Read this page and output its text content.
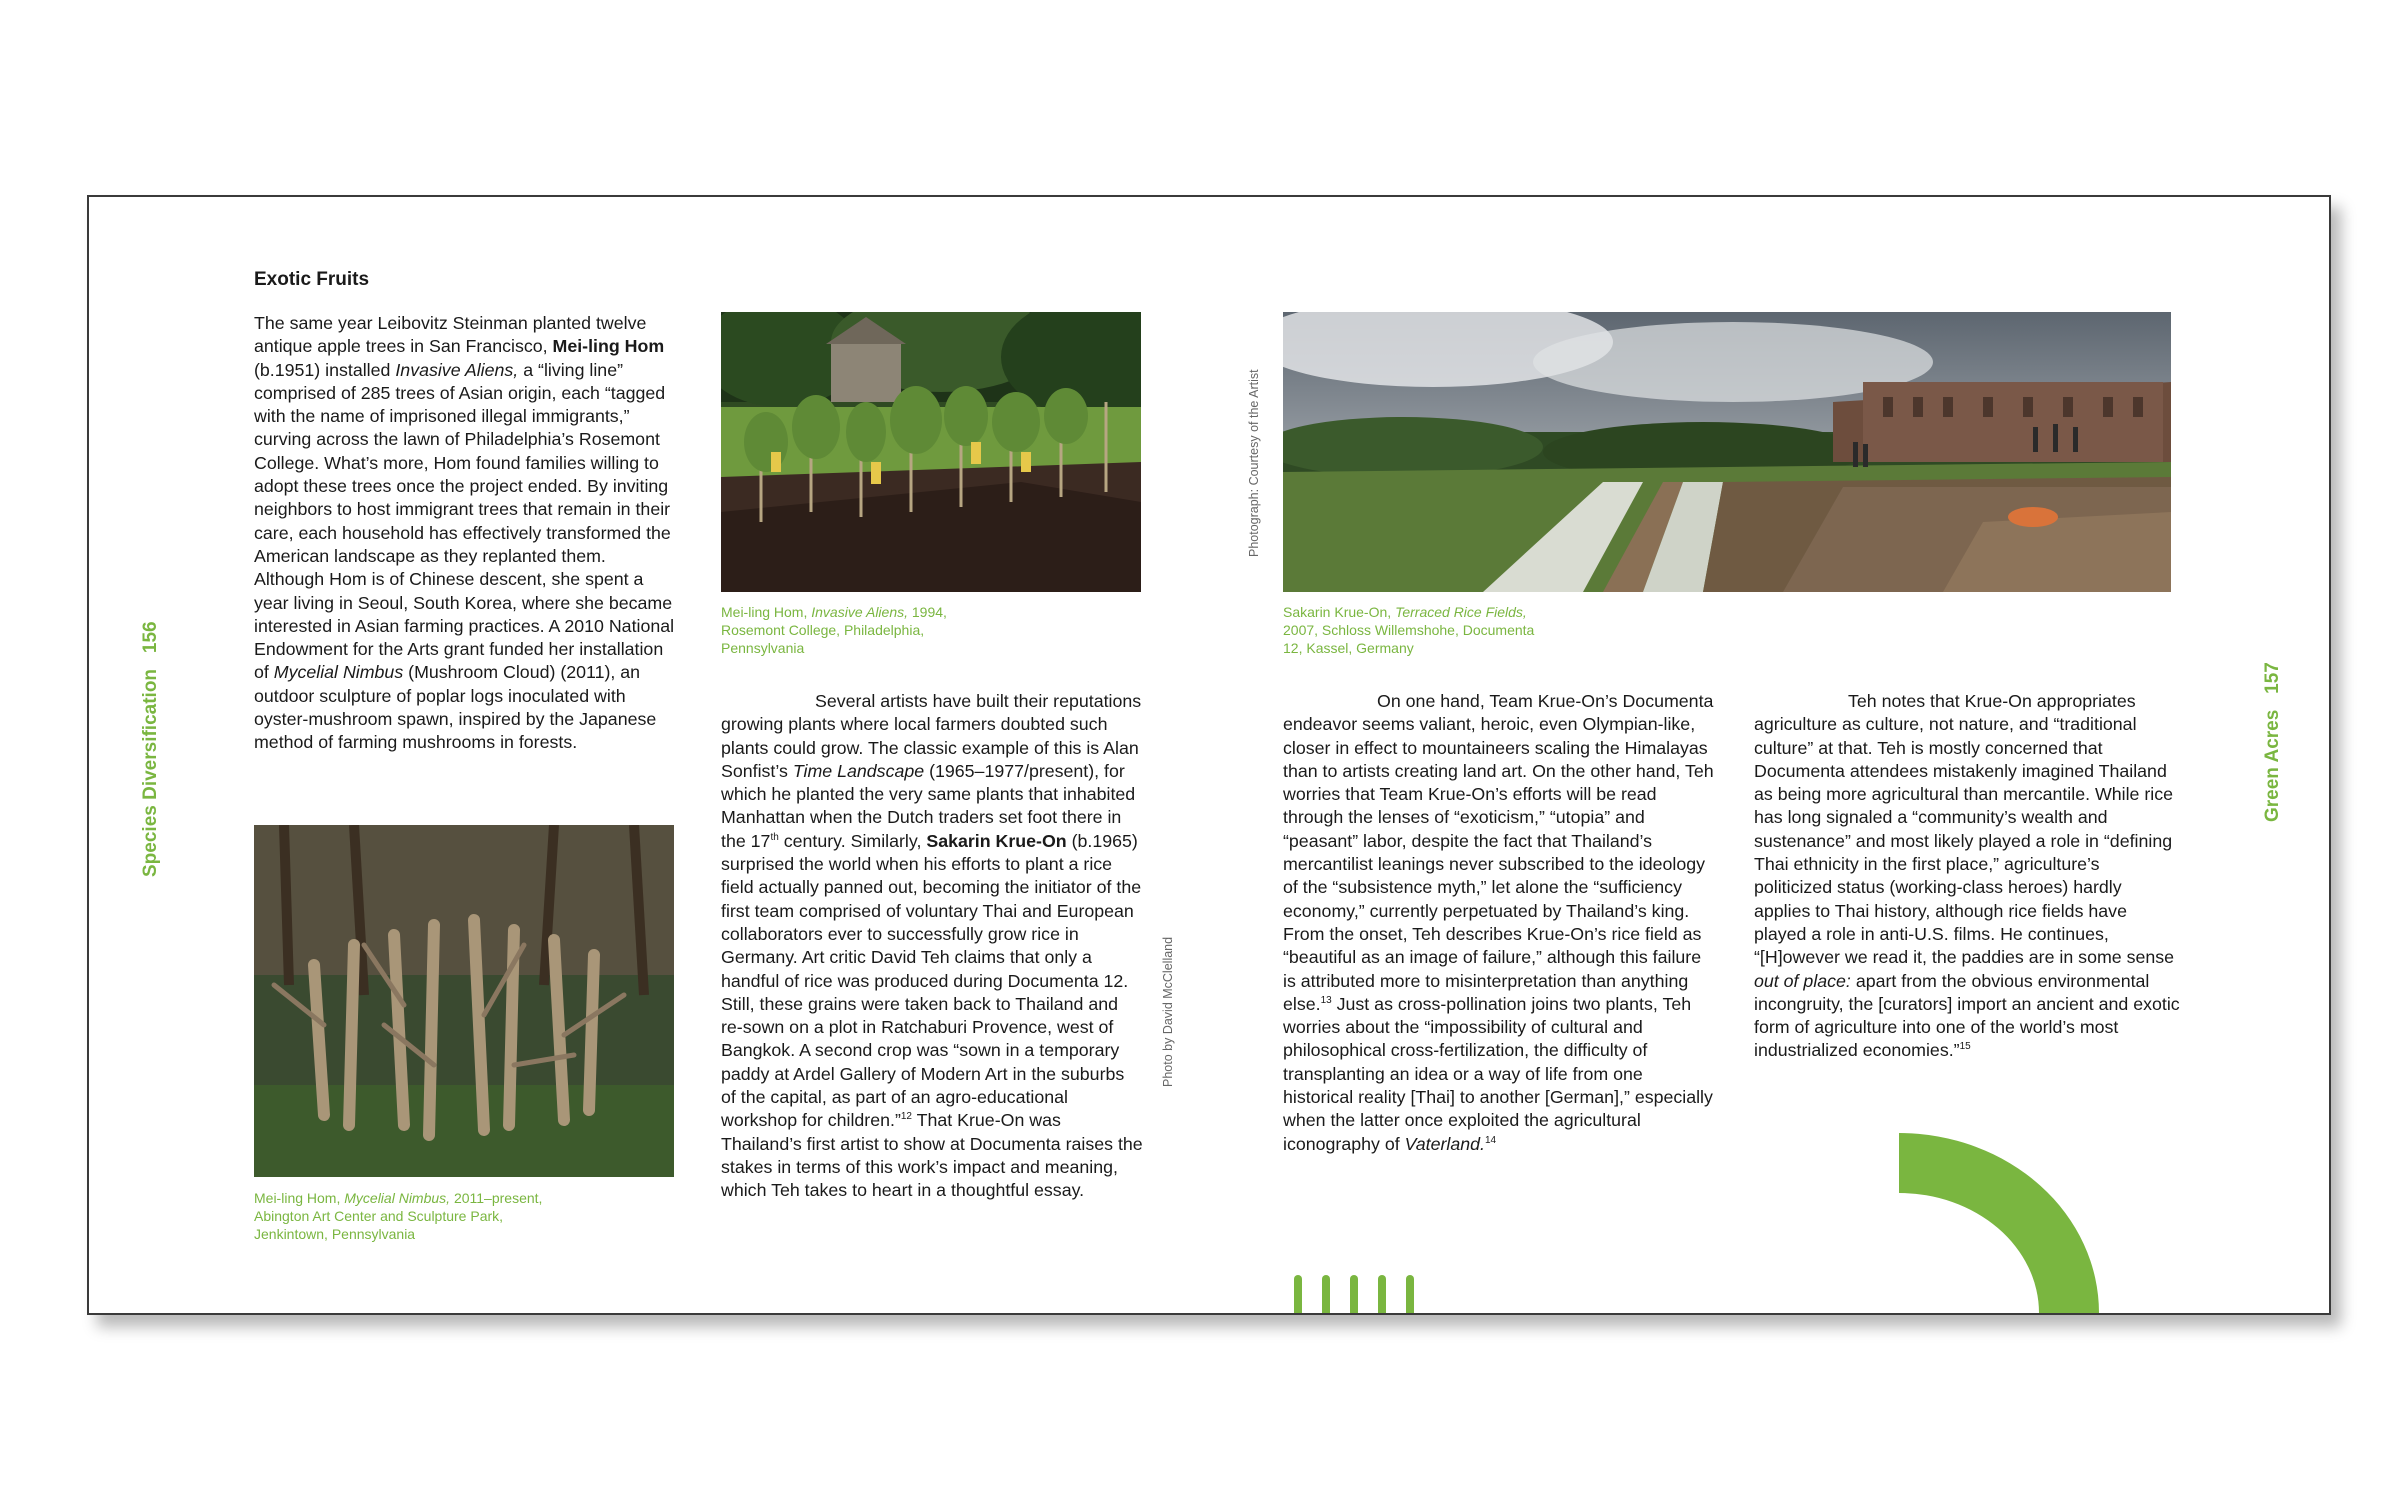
Species Diversification   156
Green Acres   157
Exotic Fruits

The same year Leibovitz Steinman planted twelve antique apple trees in San Francisco, Mei-ling Hom (b.1951) installed Invasive Aliens, a “living line” comprised of 285 trees of Asian origin, each “tagged with the name of imprisoned illegal immigrants,” curving across the lawn of Philadelphia’s Rosemont College. What’s more, Hom found families willing to adopt these trees once the project ended. By inviting neighbors to host immigrant trees that remain in their care, each household has effectively transformed the American landscape as they replanted them. Although Hom is of Chinese descent, she spent a year living in Seoul, South Korea, where she became interested in Asian farming practices. A 2010 National Endowment for the Arts grant funded her installation of Mycelial Nimbus (Mushroom Cloud) (2011), an outdoor sculpture of poplar logs inoculated with oyster-mushroom spawn, inspired by the Japanese method of farming mushrooms in forests.

Mei-ling Hom, Invasive Aliens, 1994, Rosemont College, Philadelphia, Pennsylvania
Mei-ling Hom, Mycelial Nimbus, 2011–present, Abington Art Center and Sculpture Park, Jenkintown, Pennsylvania

Several artists have built their reputations growing plants where local farmers doubted such plants could grow. The classic example of this is Alan Sonfist’s Time Landscape (1965–1977/present), for which he planted the very same plants that inhabited Manhattan when the Dutch traders set foot there in the 17th century. Similarly, Sakarin Krue-On (b.1965) surprised the world when his efforts to plant a rice field actually panned out, becoming the initiator of the first team comprised of voluntary Thai and European collaborators ever to successfully grow rice in Germany. Art critic David Teh claims that only a handful of rice was produced during Documenta 12. Still, these grains were taken back to Thailand and re-sown on a plot in Ratchaburi Provence, west of Bangkok. A second crop was “sown in a temporary paddy at Ardel Gallery of Modern Art in the suburbs of the capital, as part of an agro-educational workshop for children.”$^{12}$ That Krue-On was Thailand’s first artist to show at Documenta raises the stakes in terms of this work’s impact and meaning, which Teh takes to heart in a thoughtful essay.

Photo by David McClelland
Photograph: Courtesy of the Artist
Sakarin Krue-On, Terraced Rice Fields, 2007, Schloss Willemshohe, Documenta 12, Kassel, Germany

On one hand, Team Krue-On’s Documenta endeavor seems valiant, heroic, even Olympian-like, closer in effect to mountaineers scaling the Himalayas than to artists creating land art. On the other hand, Teh worries that Team Krue-On’s efforts will be read through the lenses of “exoticism,” “utopia” and “peasant” labor, despite the fact that Thailand’s mercantilist leanings never subscribed to the ideology of the “subsistence myth,” let alone the “sufficiency economy,” currently perpetuated by Thailand’s king. From the onset, Teh describes Krue-On’s rice field as “beautiful as an image of failure,” although this failure is attributed more to misinterpretation than anything else.$^{13}$ Just as cross-pollination joins two plants, Teh worries about the “impossibility of cultural and philosophical cross-fertilization, the difficulty of transplanting an idea or a way of life from one historical reality [Thai] to another [German],” especially when the latter once exploited the agricultural iconography of Vaterland.$^{14}$

Teh notes that Krue-On appropriates agriculture as culture, not nature, and “traditional culture” at that. Teh is mostly concerned that Documenta attendees mistakenly imagined Thailand as being more agricultural than mercantile. While rice has long signaled a “community’s wealth and sustenance” and most likely played a role in “defining Thai ethnicity in the first place,” agriculture’s politicized status (working-class heroes) hardly applies to Thai history, although rice fields have played a role in anti-U.S. films. He continues, “[H]owever we read it, the paddies are in some sense out of place: apart from the obvious environmental incongruity, the [curators] import an ancient and exotic form of agriculture into one of the world’s most industrialized economies.”$^{15}$
